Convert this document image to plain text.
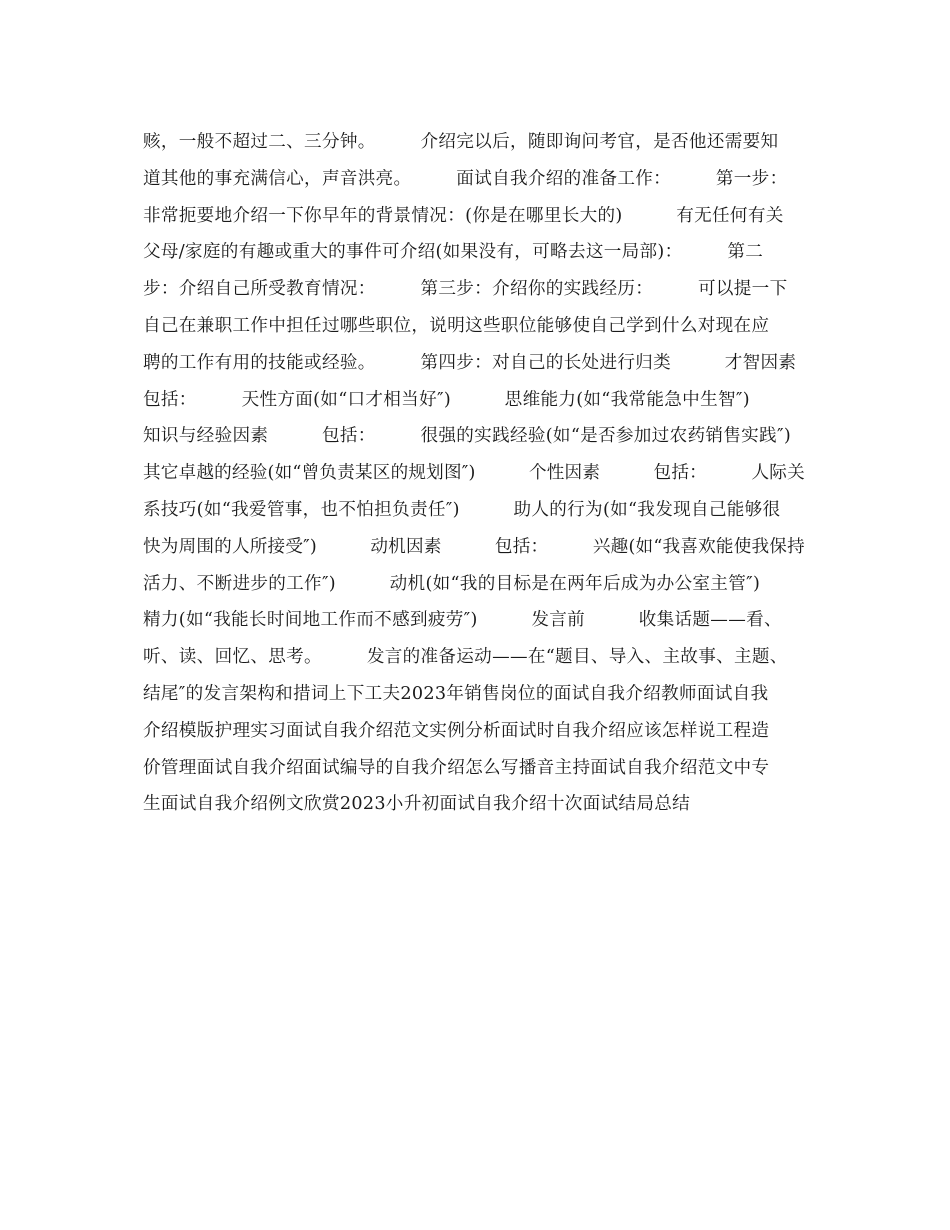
赅，一般不超过二、三分钟。　　　介绍完以后，随即询问考官，是否他还需要知
道其他的事充满信心，声音洪亮。　　　面试自我介绍的准备工作：　　　第一步：
非常扼要地介绍一下你早年的背景情况：(你是在哪里长大的)　　　有无任何有关
父母/家庭的有趣或重大的事件可介绍(如果没有，可略去这一局部)：　　　第二
步：介绍自己所受教育情况：　　　第三步：介绍你的实践经历：　　　可以提一下
自己在兼职工作中担任过哪些职位，说明这些职位能够使自己学到什么对现在应
聘的工作有用的技能或经验。　　　第四步：对自己的长处进行归类　　　才智因素
包括：　　　天性方面(如“口才相当好″)　　　思维能力(如“我常能急中生智″)
知识与经验因素　　　包括：　　　很强的实践经验(如“是否参加过农药销售实践″)
其它卓越的经验(如“曾负责某区的规划图″)　　　个性因素　　　包括：　　　人际关
系技巧(如“我爱管事，也不怕担负责任″)　　　助人的行为(如“我发现自己能够很
快为周围的人所接受″)　　　动机因素　　　包括：　　　兴趣(如“我喜欢能使我保持
活力、不断进步的工作″)　　　动机(如“我的目标是在两年后成为办公室主管″)
精力(如“我能长时间地工作而不感到疲劳″)　　　发言前　　　收集话题——看、
听、读、回忆、思考。　　　发言的准备运动——在“题目、导入、主故事、主题、
结尾″的发言架构和措词上下工夫2023年销售岗位的面试自我介绍教师面试自我
介绍模版护理实习面试自我介绍范文实例分析面试时自我介绍应该怎样说工程造
价管理面试自我介绍面试编导的自我介绍怎么写播音主持面试自我介绍范文中专
生面试自我介绍例文欣赏2023小升初面试自我介绍十次面试结局总结
